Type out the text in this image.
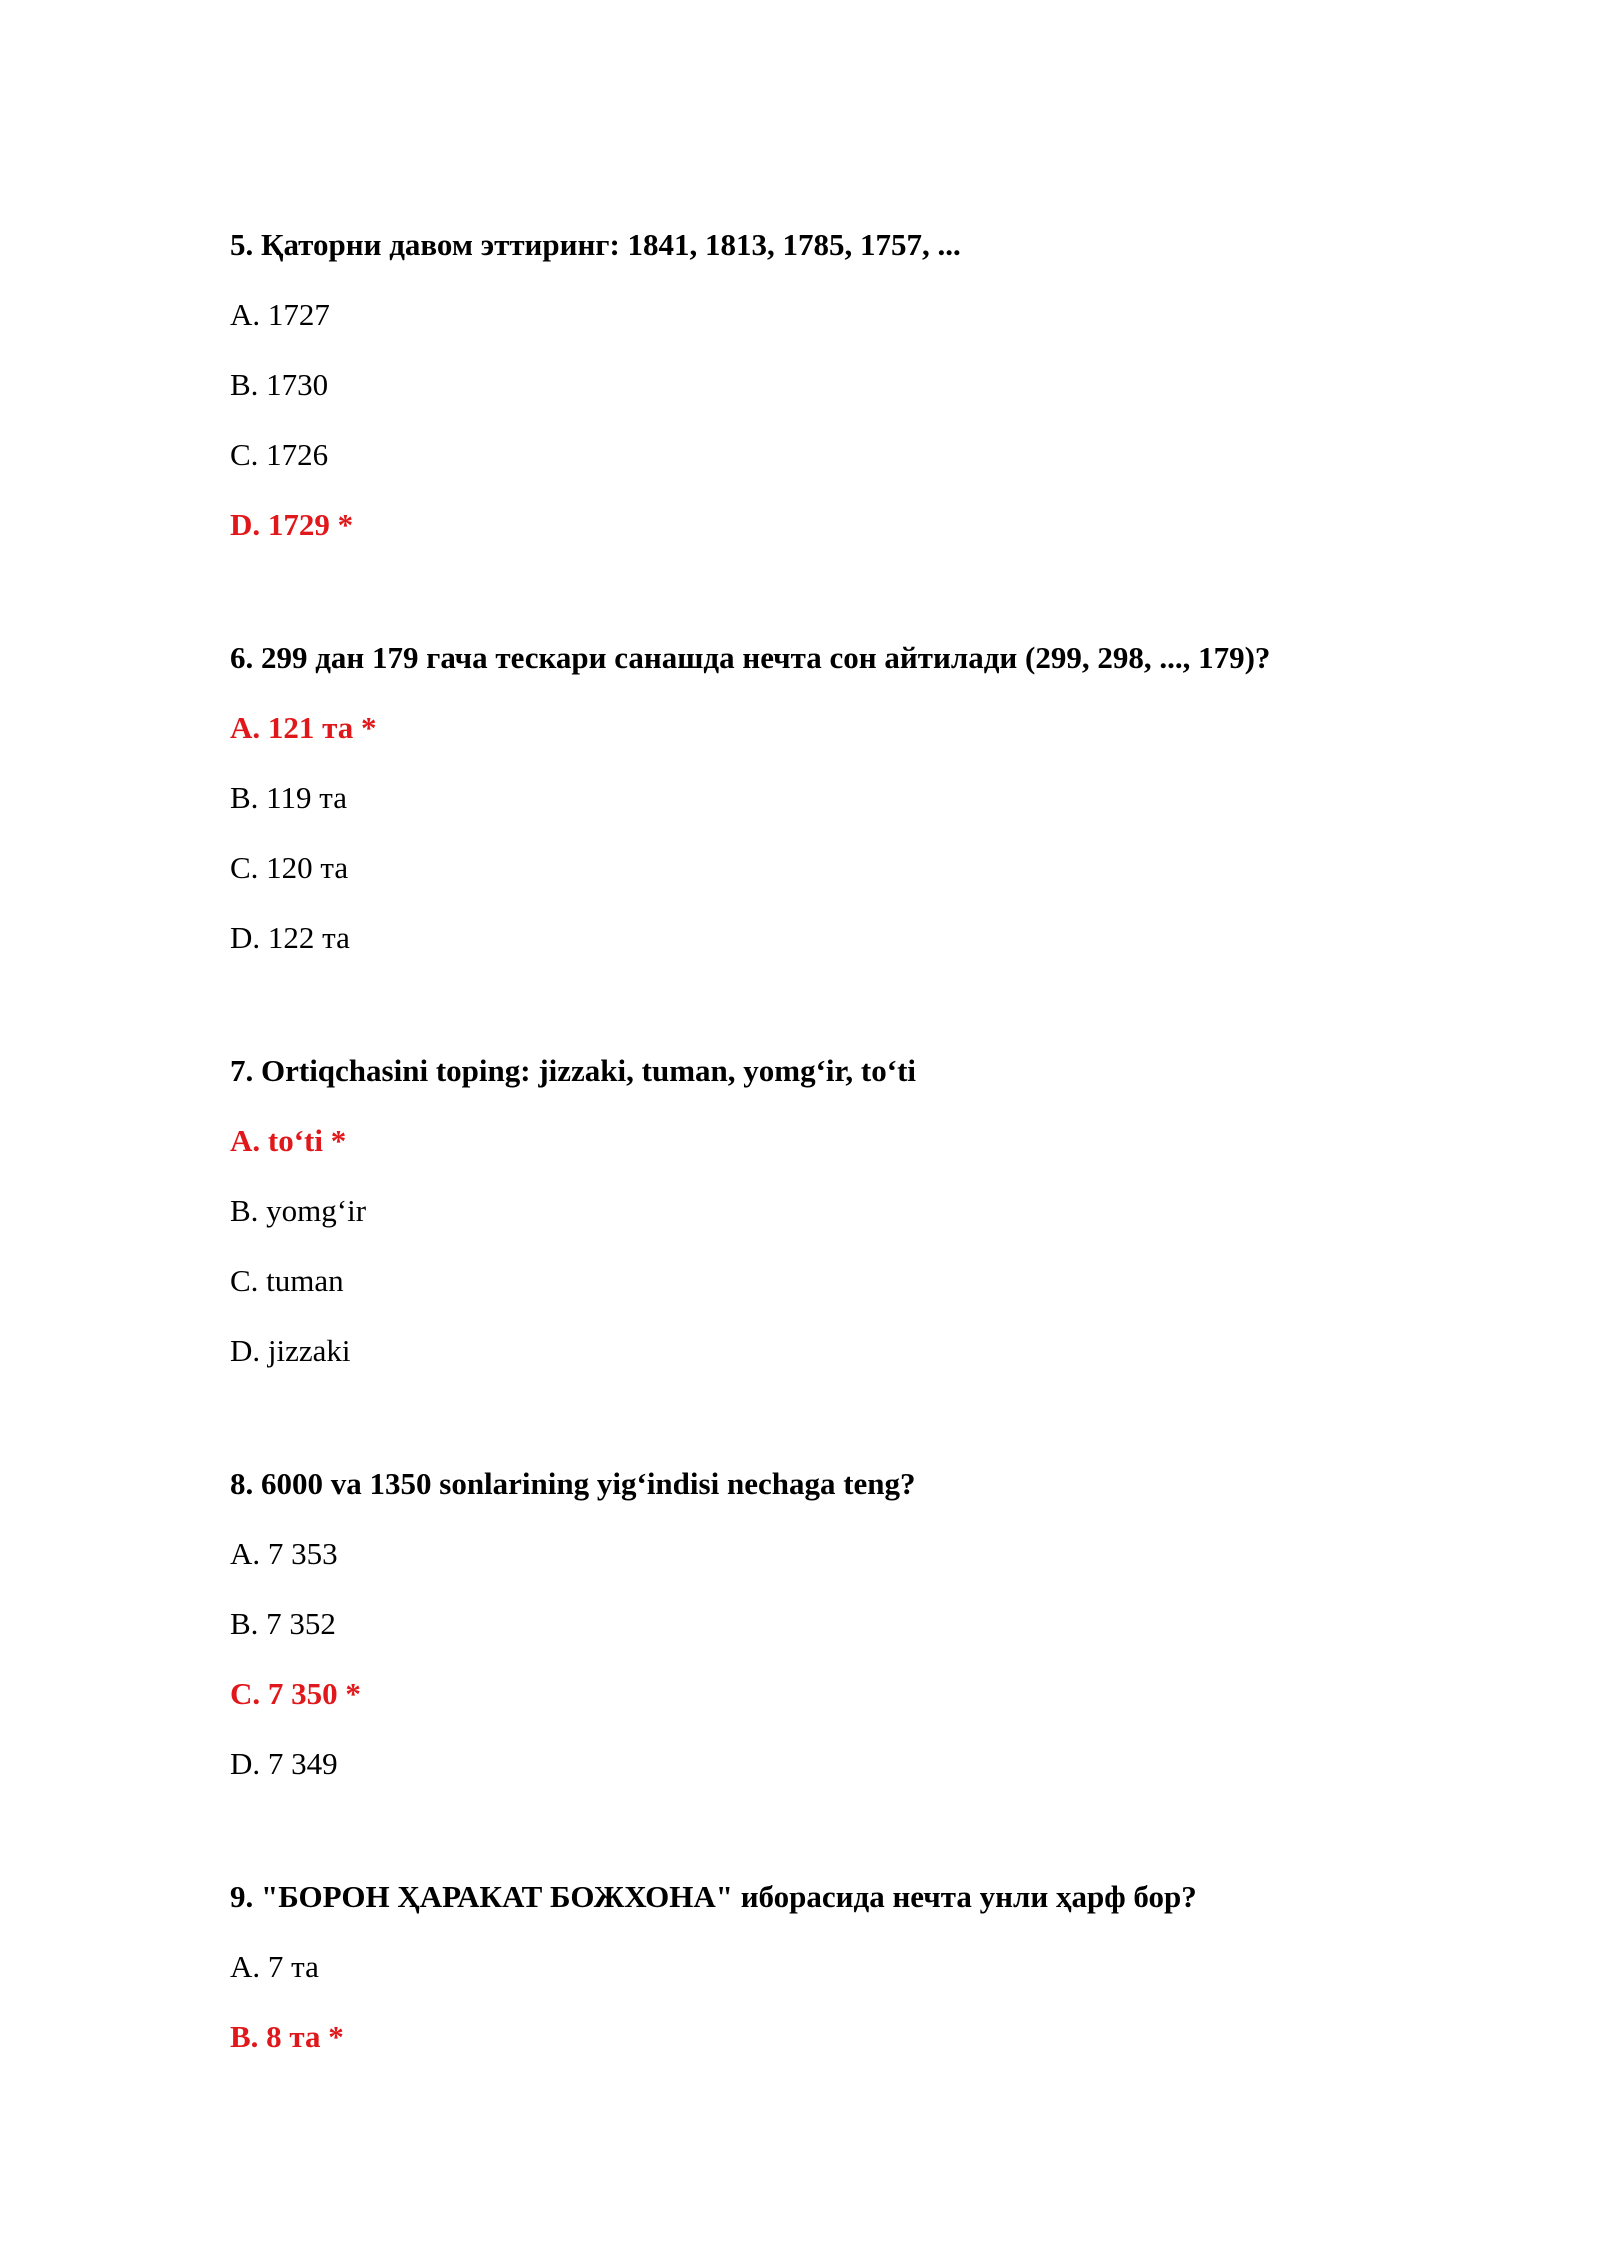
5. Қаторни давом эттиринг: 1841, 1813, 1785, 1757, ...

A. 1727

B. 1730

C. 1726

D. 1729 *

6. 299 дан 179 гача тескари санашда нечта сон айтилади (299, 298, ..., 179)?

A. 121 та *

B. 119 та

C. 120 та

D. 122 та

7. Ortiqchasini toping: jizzaki, tuman, yomg‘ir, to‘ti

A. to‘ti *

B. yomg‘ir

C. tuman

D. jizzaki

8. 6000 va 1350 sonlarining yig‘indisi nechaga teng?

A. 7 353

B. 7 352

C. 7 350 *

D. 7 349

9. "БОРОН ҲАРАКАТ БОЖХОНА" иборасида нечта унли ҳарф бор?

A. 7 та

B. 8 та *
